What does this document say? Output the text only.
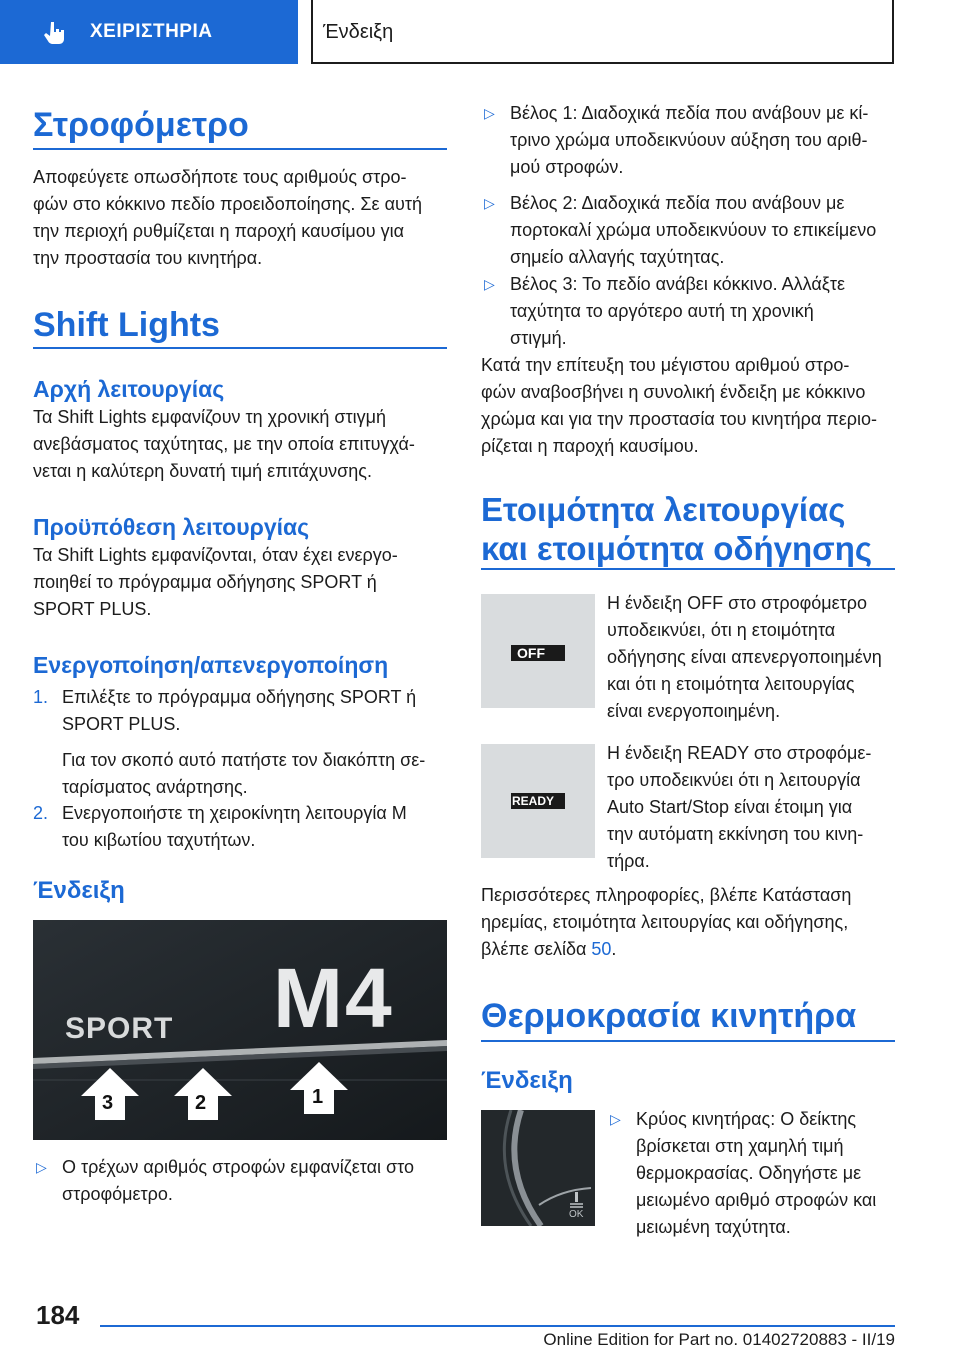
ΧΕΙΡΙΣΤΗΡΙΑ	Ένδειξη
Στροφόμετρο
Αποφεύγετε οπωσδήποτε τους αριθμούς στρο-
φών στο κόκκινο πεδίο προειδοποίησης. Σε αυτή
την περιοχή ρυθμίζεται η παροχή καυσίμου για
την προστασία του κινητήρα.
Shift Lights
Αρχή λειτουργίας
Τα Shift Lights εμφανίζουν τη χρονική στιγμή
ανεβάσματος ταχύτητας, με την οποία επιτυγχά-
νεται η καλύτερη δυνατή τιμή επιτάχυνσης.
Προϋπόθεση λειτουργίας
Τα Shift Lights εμφανίζονται, όταν έχει ενεργο-
ποιηθεί το πρόγραμμα οδήγησης SPORT ή
SPORT PLUS.
Ενεργοποίηση/απενεργοποίηση
1. Επιλέξτε το πρόγραμμα οδήγησης SPORT ή
SPORT PLUS.
Για τον σκοπό αυτό πατήστε τον διακόπτη σε-
ταρίσματος ανάρτησης.
2. Ενεργοποιήστε τη χειροκίνητη λειτουργία M
του κιβωτίου ταχυτήτων.
Ένδειξη
SPORT M4
3	2	1
▷ Ο τρέχων αριθμός στροφών εμφανίζεται στο
στροφόμετρο.
▷ Βέλος 1: Διαδοχικά πεδία που ανάβουν με κί-
τρινο χρώμα υποδεικνύουν αύξηση του αριθ-
μού στροφών.
▷ Βέλος 2: Διαδοχικά πεδία που ανάβουν με
πορτοκαλί χρώμα υποδεικνύουν το επικείμενο
σημείο αλλαγής ταχύτητας.
▷ Βέλος 3: Το πεδίο ανάβει κόκκινο. Αλλάξτε
ταχύτητα το αργότερο αυτή τη χρονική
στιγμή.
Κατά την επίτευξη του μέγιστου αριθμού στρο-
φών αναβοσβήνει η συνολική ένδειξη με κόκκινο
χρώμα και για την προστασία του κινητήρα περιο-
ρίζεται η παροχή καυσίμου.
Ετοιμότητα λειτουργίας
και ετοιμότητα οδήγησης
OFF
Η ένδειξη OFF στο στροφόμετρο
υποδεικνύει, ότι η ετοιμότητα
οδήγησης είναι απενεργοποιημένη
και ότι η ετοιμότητα λειτουργίας
είναι ενεργοποιημένη.
READY
Η ένδειξη READY στο στροφόμε-
τρο υποδεικνύει ότι η λειτουργία
Auto Start/Stop είναι έτοιμη για
την αυτόματη εκκίνηση του κινη-
τήρα.
Περισσότερες πληροφορίες, βλέπε Κατάσταση
ηρεμίας, ετοιμότητα λειτουργίας και οδήγησης,
βλέπε σελίδα 50.
Θερμοκρασία κινητήρα
Ένδειξη
OK
▷ Κρύος κινητήρας: Ο δείκτης
βρίσκεται στη χαμηλή τιμή
θερμοκρασίας. Οδηγήστε με
μειωμένο αριθμό στροφών και
μειωμένη ταχύτητα.
184
Online Edition for Part no. 01402720883 - II/19
